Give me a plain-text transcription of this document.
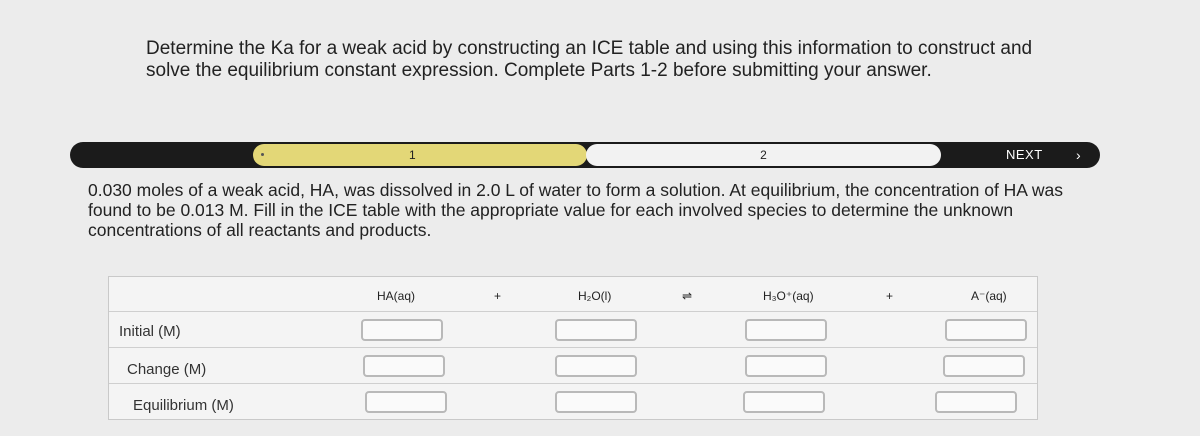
Determine the Ka for a weak acid by constructing an ICE table and using this information to construct and solve the equilibrium constant expression. Complete Parts 1-2 before submitting your answer.
1	2	NEXT ›
0.030 moles of a weak acid, HA, was dissolved in 2.0 L of water to form a solution. At equilibrium, the concentration of HA was found to be 0.013 M. Fill in the ICE table with the appropriate value for each involved species to determine the unknown concentrations of all reactants and products.
HA(aq)	+	H₂O(l)	⇌	H₃O⁺(aq)	+	A⁻(aq)
Initial (M)
Change (M)
Equilibrium (M)
